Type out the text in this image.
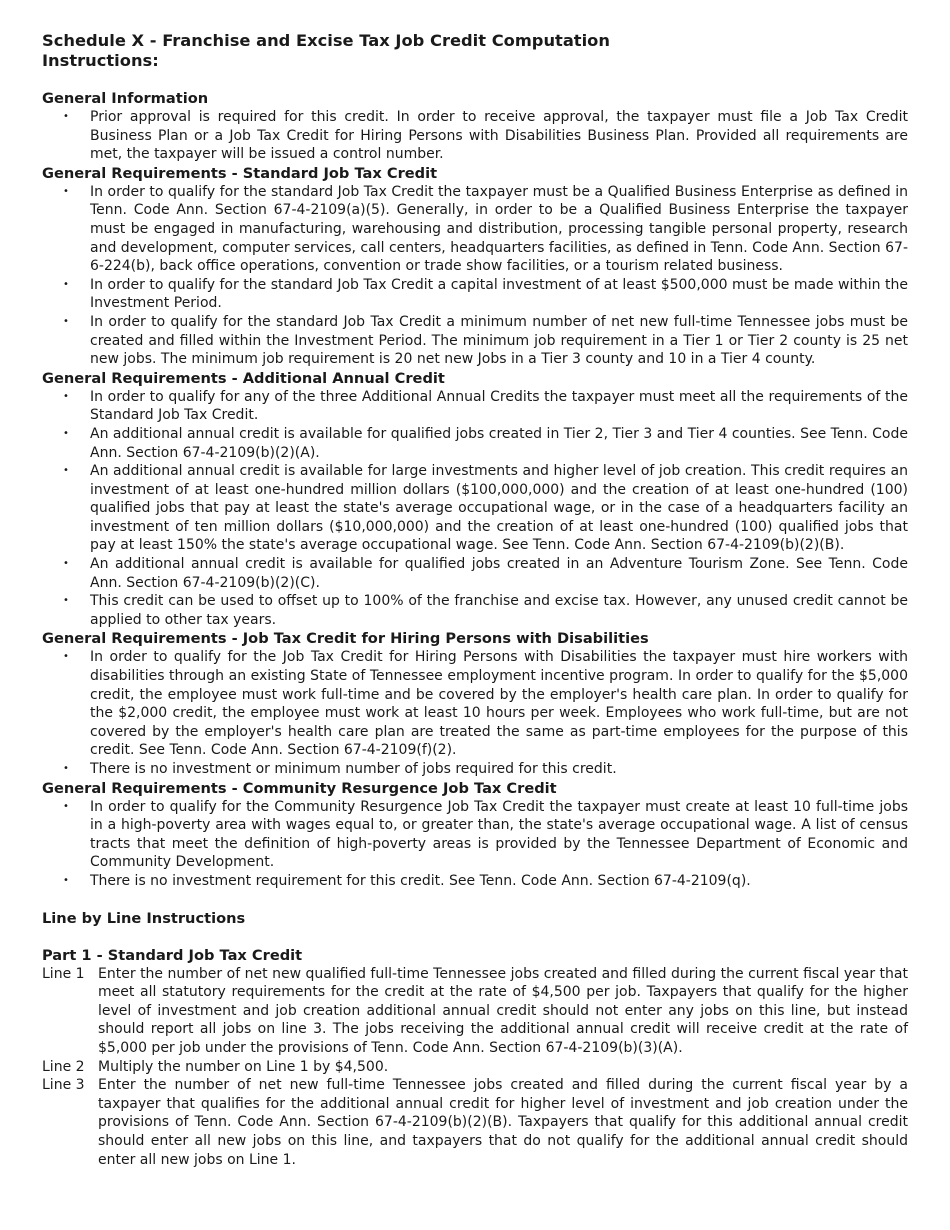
Schedule X - Franchise and Excise Tax Job Credit Computation
Instructions:
General Information
• Prior approval is required for this credit. In order to receive approval, the taxpayer must file a Job Tax Credit Business Plan or a Job Tax Credit for Hiring Persons with Disabilities Business Plan. Provided all requirements are met, the taxpayer will be issued a control number.
General Requirements - Standard Job Tax Credit
• In order to qualify for the standard Job Tax Credit the taxpayer must be a Qualified Business Enterprise as defined in Tenn. Code Ann. Section 67-4-2109(a)(5). Generally, in order to be a Qualified Business Enterprise the taxpayer must be engaged in manufacturing, warehousing and distribution, processing tangible personal property, research and development, computer services, call centers, headquarters facilities, as defined in Tenn. Code Ann. Section 67-6-224(b), back office operations, convention or trade show facilities, or a tourism related business.
• In order to qualify for the standard Job Tax Credit a capital investment of at least $500,000 must be made within the Investment Period.
• In order to qualify for the standard Job Tax Credit a minimum number of net new full-time Tennessee jobs must be created and filled within the Investment Period. The minimum job requirement in a Tier 1 or Tier 2 county is 25 net new jobs. The minimum job requirement is 20 net new Jobs in a Tier 3 county and 10 in a Tier 4 county.
General Requirements - Additional Annual Credit
• In order to qualify for any of the three Additional Annual Credits the taxpayer must meet all the requirements of the Standard Job Tax Credit.
• An additional annual credit is available for qualified jobs created in Tier 2, Tier 3 and Tier 4 counties. See Tenn. Code Ann. Section 67-4-2109(b)(2)(A).
• An additional annual credit is available for large investments and higher level of job creation. This credit requires an investment of at least one-hundred million dollars ($100,000,000) and the creation of at least one-hundred (100) qualified jobs that pay at least the state's average occupational wage, or in the case of a headquarters facility an investment of ten million dollars ($10,000,000) and the creation of at least one-hundred (100) qualified jobs that pay at least 150% the state's average occupational wage. See Tenn. Code Ann. Section 67-4-2109(b)(2)(B).
• An additional annual credit is available for qualified jobs created in an Adventure Tourism Zone. See Tenn. Code Ann. Section 67-4-2109(b)(2)(C).
• This credit can be used to offset up to 100% of the franchise and excise tax. However, any unused credit cannot be applied to other tax years.
General Requirements - Job Tax Credit for Hiring Persons with Disabilities
• In order to qualify for the Job Tax Credit for Hiring Persons with Disabilities the taxpayer must hire workers with disabilities through an existing State of Tennessee employment incentive program. In order to qualify for the $5,000 credit, the employee must work full-time and be covered by the employer's health care plan. In order to qualify for the $2,000 credit, the employee must work at least 10 hours per week. Employees who work full-time, but are not covered by the employer's health care plan are treated the same as part-time employees for the purpose of this credit. See Tenn. Code Ann. Section 67-4-2109(f)(2).
• There is no investment or minimum number of jobs required for this credit.
General Requirements - Community Resurgence Job Tax Credit
• In order to qualify for the Community Resurgence Job Tax Credit the taxpayer must create at least 10 full-time jobs in a high-poverty area with wages equal to, or greater than, the state's average occupational wage. A list of census tracts that meet the definition of high-poverty areas is provided by the Tennessee Department of Economic and Community Development.
• There is no investment requirement for this credit. See Tenn. Code Ann. Section 67-4-2109(q).
Line by Line Instructions
Part 1 - Standard Job Tax Credit
Line 1 Enter the number of net new qualified full-time Tennessee jobs created and filled during the current fiscal year that meet all statutory requirements for the credit at the rate of $4,500 per job. Taxpayers that qualify for the higher level of investment and job creation additional annual credit should not enter any jobs on this line, but instead should report all jobs on line 3. The jobs receiving the additional annual credit will receive credit at the rate of $5,000 per job under the provisions of Tenn. Code Ann. Section 67-4-2109(b)(3)(A).
Line 2 Multiply the number on Line 1 by $4,500.
Line 3 Enter the number of net new full-time Tennessee jobs created and filled during the current fiscal year by a taxpayer that qualifies for the additional annual credit for higher level of investment and job creation under the provisions of Tenn. Code Ann. Section 67-4-2109(b)(2)(B). Taxpayers that qualify for this additional annual credit should enter all new jobs on this line, and taxpayers that do not qualify for the additional annual credit should enter all new jobs on Line 1.
